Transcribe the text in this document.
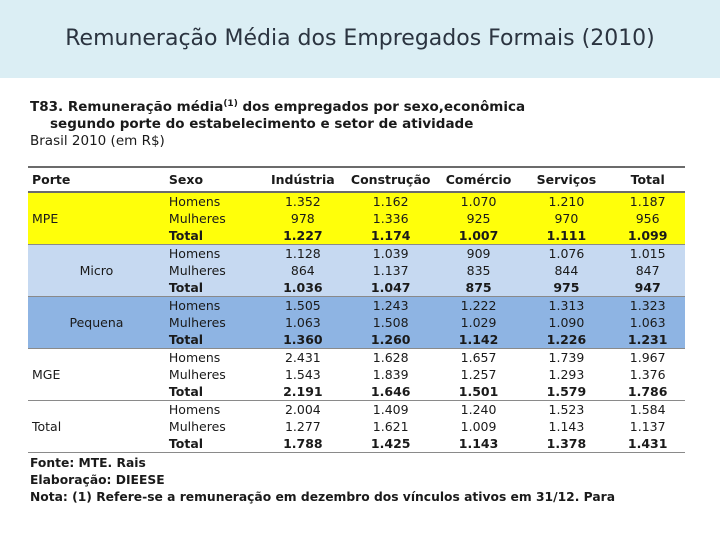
Remuneração Média dos Empregados Formais (2010)
T83. Remuneração média$^{(1)}$ dos empregados por sexo,econômica
segundo porte do estabelecimento e setor de atividade
Brasil 2010 (em R$)
Porte	Sexo	Indústria	Construção	Comércio	Serviços	Total
MPE	Homens	1.352	1.162	1.070	1.210	1.187
	Mulheres	978	1.336	925	970	956
	Total	1.227	1.174	1.007	1.111	1.099
Micro	Homens	1.128	1.039	909	1.076	1.015
	Mulheres	864	1.137	835	844	847
	Total	1.036	1.047	875	975	947
Pequena	Homens	1.505	1.243	1.222	1.313	1.323
	Mulheres	1.063	1.508	1.029	1.090	1.063
	Total	1.360	1.260	1.142	1.226	1.231
MGE	Homens	2.431	1.628	1.657	1.739	1.967
	Mulheres	1.543	1.839	1.257	1.293	1.376
	Total	2.191	1.646	1.501	1.579	1.786
Total	Homens	2.004	1.409	1.240	1.523	1.584
	Mulheres	1.277	1.621	1.009	1.143	1.137
	Total	1.788	1.425	1.143	1.378	1.431
Fonte: MTE. Rais
Elaboração: DIEESE
Nota: (1) Refere-se a remuneração em dezembro dos vínculos ativos em 31/12. Para
